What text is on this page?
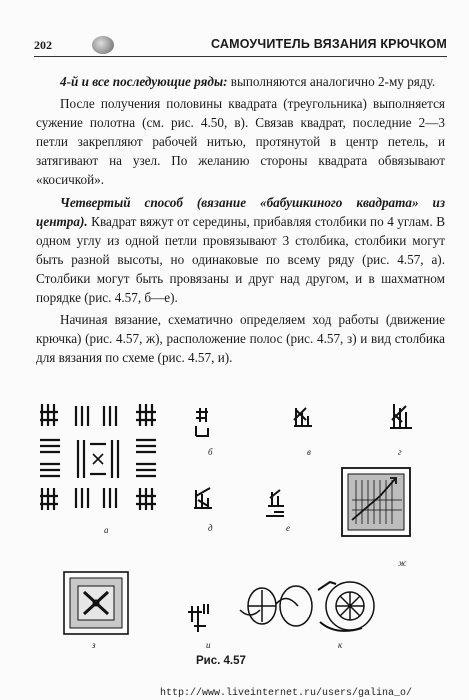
202	САМОУЧИТЕЛЬ ВЯЗАНИЯ КРЮЧКОМ

4-й и все последующие ряды: выполняются аналогично 2-му ряду.

После получения половины квадрата (треугольника) выполняется сужение полотна (см. рис. 4.50, в). Связав квадрат, последние 2—3 петли закрепляют рабочей нитью, протянутой в центр петель, и затягивают на узел. По желанию стороны квадрата обвязывают «косичкой».

Четвертый способ (вязание «бабушкиного квадрата» из центра). Квадрат вяжут от середины, прибавляя столбики по 4 углам. В одном углу из одной петли провязывают 3 столбика, столбики могут быть разной высоты, но одинаковые по всему ряду (рис. 4.57, а). Столбики могут быть провязаны и друг над другом, и в шахматном порядке (рис. 4.57, б—е).

Начиная вязание, схематично определяем ход работы (движение крючка) (рис. 4.57, ж), расположение полос (рис. 4.57, з) и вид столбика для вязания по схеме (рис. 4.57, и).

а
б	в	г
д	е
ж
з	и	к
Рис. 4.57
http://www.liveinternet.ru/users/galina_o/
